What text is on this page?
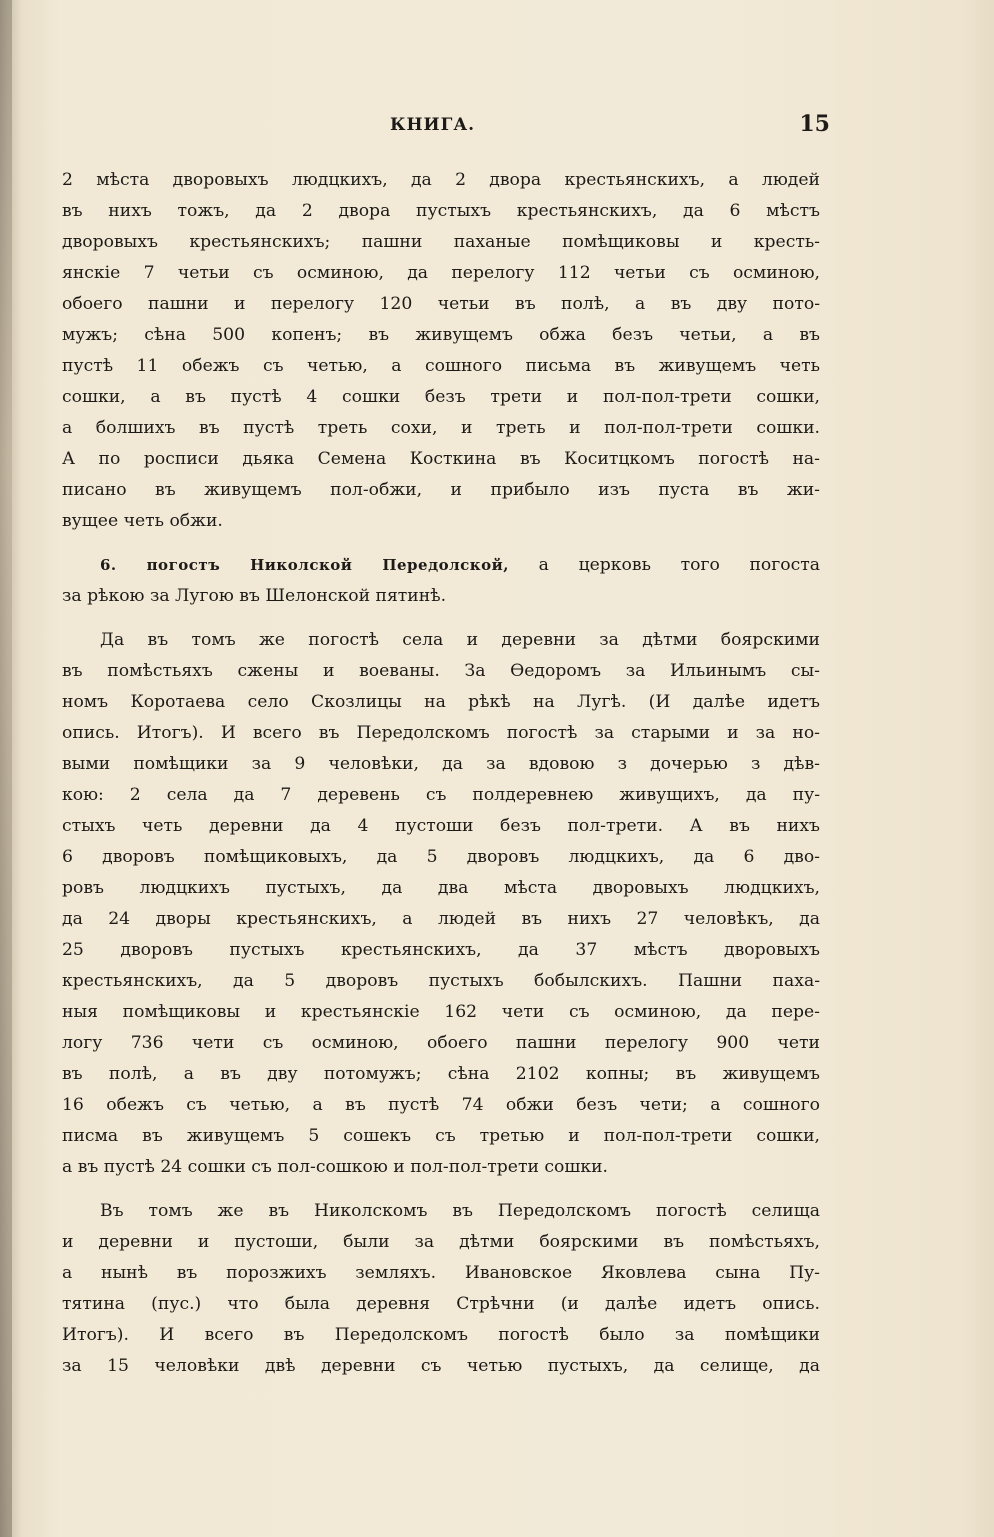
КНИГА.	15
2 мѣста дворовыхъ людцкихъ, да 2 двора крестьянскихъ, а людей
въ нихъ тожъ, да 2 двора пустыхъ крестьянскихъ, да 6 мѣстъ
дворовыхъ крестьянскихъ; пашни паханые помѣщиковы и кресть-
янскіе 7 четьи съ осминою, да перелогу 112 четьи съ осминою,
обоего пашни и перелогу 120 четьи въ полѣ, а въ дву пото-
мужъ; сѣна 500 копенъ; въ живущемъ обжа безъ четьи, а въ
пустѣ 11 обежъ съ четью, а сошного письма въ живущемъ четь
сошки, а въ пустѣ 4 сошки безъ трети и пол-пол-трети сошки,
а болшихъ въ пустѣ треть сохи, и треть и пол-пол-трети сошки.
А по росписи дьяка Семена Косткина въ Коситцкомъ погостѣ на-
писано въ живущемъ пол-обжи, и прибыло изъ пуста въ жи-
вущее четь обжи.
6. погостъ Николской Передолской, а церковь того погоста
за рѣкою за Лугою въ Шелонской пятинѣ.
Да въ томъ же погостѣ села и деревни за дѣтми боярскими
въ помѣстьяхъ сжены и воеваны. За Ѳедоромъ за Ильинымъ сы-
номъ Коротаева село Скозлицы на рѣкѣ на Лугѣ. (И далѣе идетъ
опись. Итогъ). И всего въ Передолскомъ погостѣ за старыми и за но-
выми помѣщики за 9 человѣки, да за вдовою з дочерью з дѣв-
кою: 2 села да 7 деревень съ полдеревнею живущихъ, да пу-
стыхъ четь деревни да 4 пустоши безъ пол-трети. А въ нихъ
6 дворовъ помѣщиковыхъ, да 5 дворовъ людцкихъ, да 6 дво-
ровъ людцкихъ пустыхъ, да два мѣста дворовыхъ людцкихъ,
да 24 дворы крестьянскихъ, а людей въ нихъ 27 человѣкъ, да
25 дворовъ пустыхъ крестьянскихъ, да 37 мѣстъ дворовыхъ
крестьянскихъ, да 5 дворовъ пустыхъ бобылскихъ. Пашни паха-
ныя помѣщиковы и крестьянскіе 162 чети съ осминою, да пере-
логу 736 чети съ осминою, обоего пашни перелогу 900 чети
въ полѣ, а въ дву потомужъ; сѣна 2102 копны; въ живущемъ
16 обежъ съ четью, а въ пустѣ 74 обжи безъ чети; а сошного
писма въ живущемъ 5 сошекъ съ третью и пол-пол-трети сошки,
а въ пустѣ 24 сошки съ пол-сошкою и пол-пол-трети сошки.
Въ томъ же въ Николскомъ въ Передолскомъ погостѣ селища
и деревни и пустоши, были за дѣтми боярскими въ помѣстьяхъ,
а нынѣ въ порозжихъ земляхъ. Ивановское Яковлева сына Пу-
тятина (пус.) что была деревня Стрѣчни (и далѣе идетъ опись.
Итогъ). И всего въ Передолскомъ погостѣ было за помѣщики
за 15 человѣки двѣ деревни съ четью пустыхъ, да селище, да
